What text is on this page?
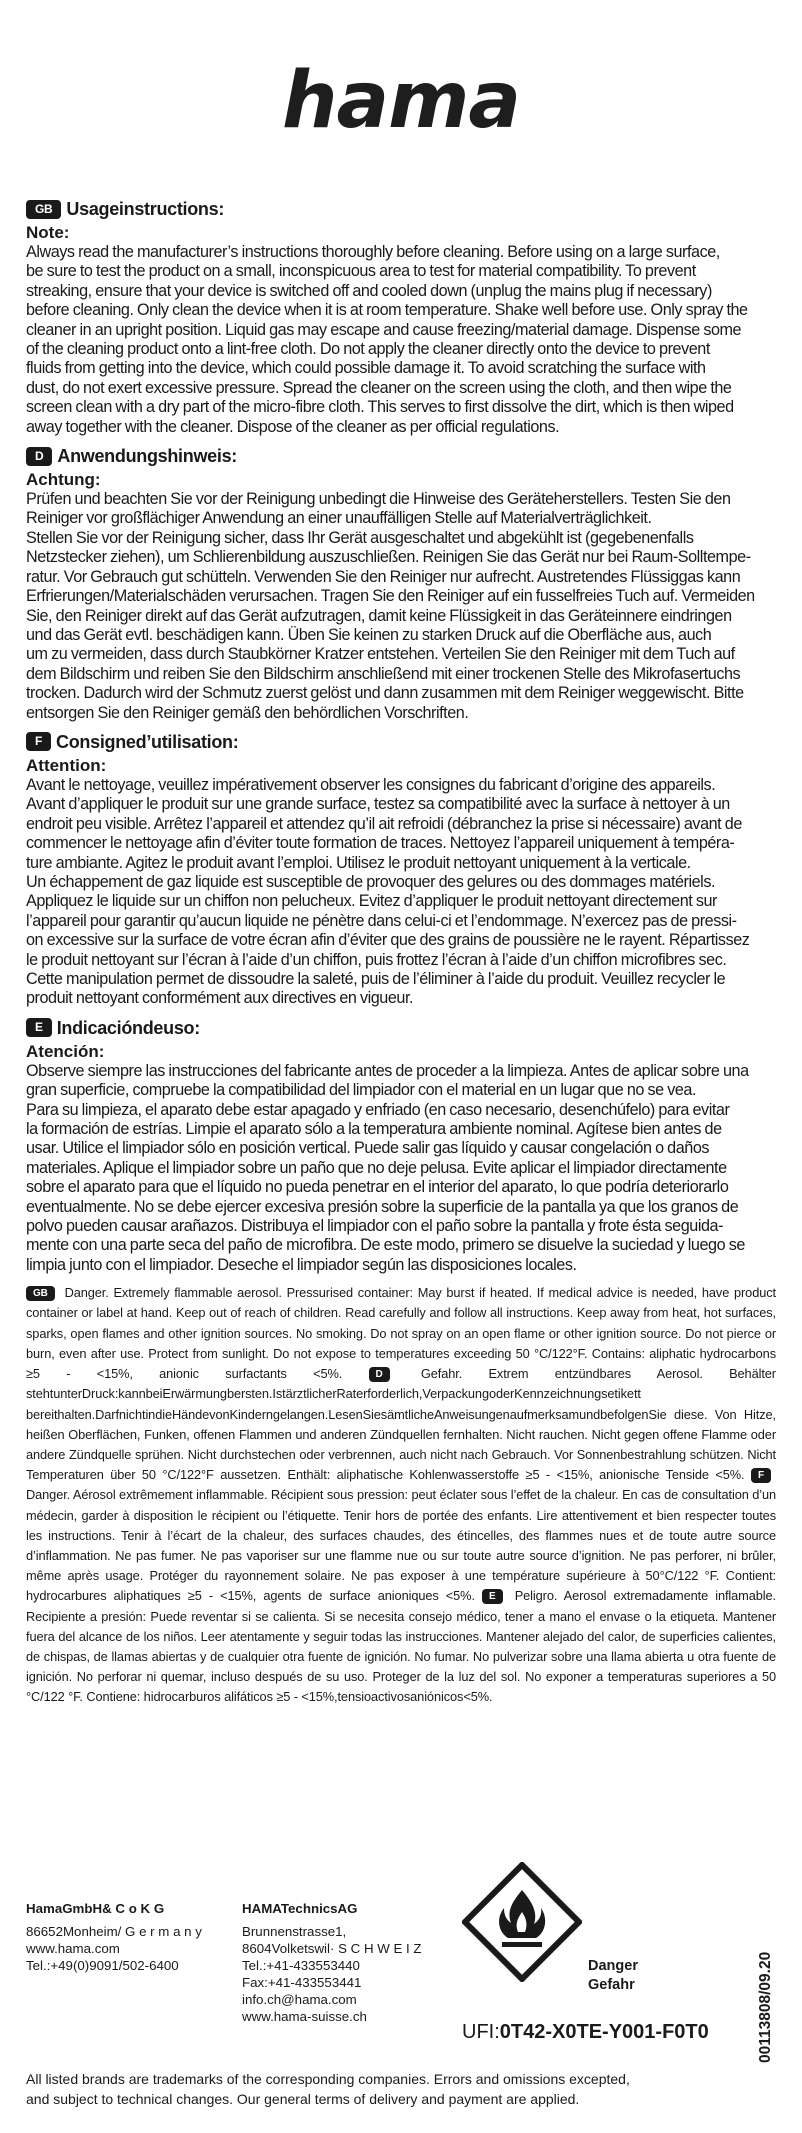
hama
GB Usageinstructions:
Note:
Always read the manufacturer’s instructions thoroughly before cleaning. Before using on a large surface,
be sure to test the product on a small, inconspicuous area to test for material compatibility. To prevent
streaking, ensure that your device is switched off and cooled down (unplug the mains plug if necessary)
before cleaning. Only clean the device when it is at room temperature. Shake well before use. Only spray the
cleaner in an upright position. Liquid gas may escape and cause freezing/material damage. Dispense some
of the cleaning product onto a lint-free cloth. Do not apply the cleaner directly onto the device to prevent
fluids from getting into the device, which could possible damage it. To avoid scratching the surface with
dust, do not exert excessive pressure. Spread the cleaner on the screen using the cloth, and then wipe the
screen clean with a dry part of the micro-fibre cloth. This serves to first dissolve the dirt, which is then wiped
away together with the cleaner. Dispose of the cleaner as per official regulations.
D Anwendungshinweis:
Achtung:
Prüfen und beachten Sie vor der Reinigung unbedingt die Hinweise des Geräteherstellers. Testen Sie den
Reiniger vor großflächiger Anwendung an einer unauffälligen Stelle auf Materialverträglichkeit.
Stellen Sie vor der Reinigung sicher, dass Ihr Gerät ausgeschaltet und abgekühlt ist (gegebenenfalls
Netzstecker ziehen), um Schlierenbildung auszuschließen. Reinigen Sie das Gerät nur bei Raum-Solltempe-
ratur. Vor Gebrauch gut schütteln. Verwenden Sie den Reiniger nur aufrecht. Austretendes Flüssiggas kann
Erfrierungen/Materialschäden verursachen. Tragen Sie den Reiniger auf ein fusselfreies Tuch auf. Vermeiden
Sie, den Reiniger direkt auf das Gerät aufzutragen, damit keine Flüssigkeit in das Geräteinnere eindringen
und das Gerät evtl. beschädigen kann. Üben Sie keinen zu starken Druck auf die Oberfläche aus, auch
um zu vermeiden, dass durch Staubkörner Kratzer entstehen. Verteilen Sie den Reiniger mit dem Tuch auf
dem Bildschirm und reiben Sie den Bildschirm anschließend mit einer trockenen Stelle des Mikrofasertuchs
trocken. Dadurch wird der Schmutz zuerst gelöst und dann zusammen mit dem Reiniger weggewischt. Bitte
entsorgen Sie den Reiniger gemäß den behördlichen Vorschriften.
F Consigned’utilisation:
Attention:
Avant le nettoyage, veuillez impérativement observer les consignes du fabricant d’origine des appareils.
Avant d’appliquer le produit sur une grande surface, testez sa compatibilité avec la surface à nettoyer à un
endroit peu visible. Arrêtez l’appareil et attendez qu’il ait refroidi (débranchez la prise si nécessaire) avant de
commencer le nettoyage afin d’éviter toute formation de traces. Nettoyez l’appareil uniquement à tempéra-
ture ambiante. Agitez le produit avant l’emploi. Utilisez le produit nettoyant uniquement à la verticale.
Un échappement de gaz liquide est susceptible de provoquer des gelures ou des dommages matériels.
Appliquez le liquide sur un chiffon non pelucheux. Evitez d’appliquer le produit nettoyant directement sur
l’appareil pour garantir qu’aucun liquide ne pénètre dans celui-ci et l’endommage. N’exercez pas de pressi-
on excessive sur la surface de votre écran afin d’éviter que des grains de poussière ne le rayent. Répartissez
le produit nettoyant sur l’écran à l’aide d’un chiffon, puis frottez l’écran à l’aide d’un chiffon microfibres sec.
Cette manipulation permet de dissoudre la saleté, puis de l’éliminer à l’aide du produit. Veuillez recycler le
produit nettoyant conformément aux directives en vigueur.
E Indicacióndeuso:
Atención:
Observe siempre las instrucciones del fabricante antes de proceder a la limpieza. Antes de aplicar sobre una
gran superficie, compruebe la compatibilidad del limpiador con el material en un lugar que no se vea.
Para su limpieza, el aparato debe estar apagado y enfriado (en caso necesario, desenchúfelo) para evitar
la formación de estrías. Limpie el aparato sólo a la temperatura ambiente nominal. Agítese bien antes de
usar. Utilice el limpiador sólo en posición vertical. Puede salir gas líquido y causar congelación o daños
materiales. Aplique el limpiador sobre un paño que no deje pelusa. Evite aplicar el limpiador directamente
sobre el aparato para que el líquido no pueda penetrar en el interior del aparato, lo que podría deteriorarlo
eventualmente. No se debe ejercer excesiva presión sobre la superficie de la pantalla ya que los granos de
polvo pueden causar arañazos. Distribuya el limpiador con el paño sobre la pantalla y frote ésta seguida-
mente con una parte seca del paño de microfibra. De este modo, primero se disuelve la suciedad y luego se
limpia junto con el limpiador. Deseche el limpiador según las disposiciones locales.
GB Danger. Extremely flammable aerosol. Pressurised container: May burst if heated. If medical advice is needed, have product container or label at hand. Keep out of reach of children. Read carefully and follow all instructions. Keep away from heat, hot surfaces, sparks, open flames and other ignition sources. No smoking. Do not spray on an open flame or other ignition source. Do not pierce or burn, even after use. Protect from sunlight. Do not expose to temperatures exceeding 50 °C/122°F. Contains: aliphatic hydrocarbons ≥5 - <15%, anionic surfactants <5%.	D	Gefahr. Extrem entzündbares Aerosol. Behälter stehtunterDruck:kannbeiErwärmungbersten.IstärztlicherRaterforderlich,VerpackungoderKennzeichnungsetikett bereithalten.DarfnichtindieHändevonKinderngelangen.LesenSiesämtlicheAnweisungenaufmerksamundbefolgenSie diese. Von Hitze, heißen Oberflächen, Funken, offenen Flammen und anderen Zündquellen fernhalten. Nicht rauchen. Nicht gegen offene Flamme oder andere Zündquelle sprühen. Nicht durchstechen oder verbrennen, auch nicht nach Gebrauch. Vor Sonnenbestrahlung schützen. Nicht Temperaturen über 50 °C/122°F aussetzen. Enthält: aliphatische Kohlenwasserstoffe ≥5 - <15%, anionische Tenside <5%. F Danger. Aérosol extrêmement inflammable. Récipient sous pression: peut éclater sous l’effet de la chaleur. En cas de consultation d’un médecin, garder à disposition le récipient ou l’étiquette. Tenir hors de portée des enfants. Lire attentivement et bien respecter toutes les instructions. Tenir à l’écart de la chaleur, des surfaces chaudes, des étincelles, des flammes nues et de toute autre source d’inflammation. Ne pas fumer. Ne pas vaporiser sur une flamme nue ou sur toute autre source d’ignition. Ne pas perforer, ni brûler, même après usage. Protéger du rayonnement solaire. Ne pas exposer à une température supérieure à 50°C/122 °F. Contient: hydrocarbures aliphatiques ≥5 - <15%, agents de surface anioniques <5%. E Peligro. Aerosol extremadamente inflamable. Recipiente a presión: Puede reventar si se calienta. Si se necesita consejo médico, tener a mano el envase o la etiqueta. Mantener fuera del alcance de los niños. Leer atentamente y seguir todas las instrucciones. Mantener alejado del calor, de superficies calientes, de chispas, de llamas abiertas y de cualquier otra fuente de ignición. No fumar. No pulverizar sobre una llama abierta u otra fuente de ignición. No perforar ni quemar, incluso después de su uso. Proteger de la luz del sol. No exponer a temperaturas superiores a 50 °C/122 °F. Contiene: hidrocarburos alifáticos ≥5 - <15%,tensioactivosaniónicos<5%.
HamaGmbH& C o K G
86652Monheim/ G e r m a n y
www.hama.com
Tel.:+49(0)9091/502-6400
HAMATechnicsAG
Brunnenstrasse1,
8604Volketswil· S C H W E I Z
Tel.:+41-433553440
Fax:+41-433553441
info.ch@hama.com
www.hama-suisse.ch
Danger
Gefahr
UFI:0T42-X0TE-Y001-F0T0	00113808/09.20
All listed brands are trademarks of the corresponding companies. Errors and omissions excepted,
and subject to technical changes. Our general terms of delivery and payment are applied.
